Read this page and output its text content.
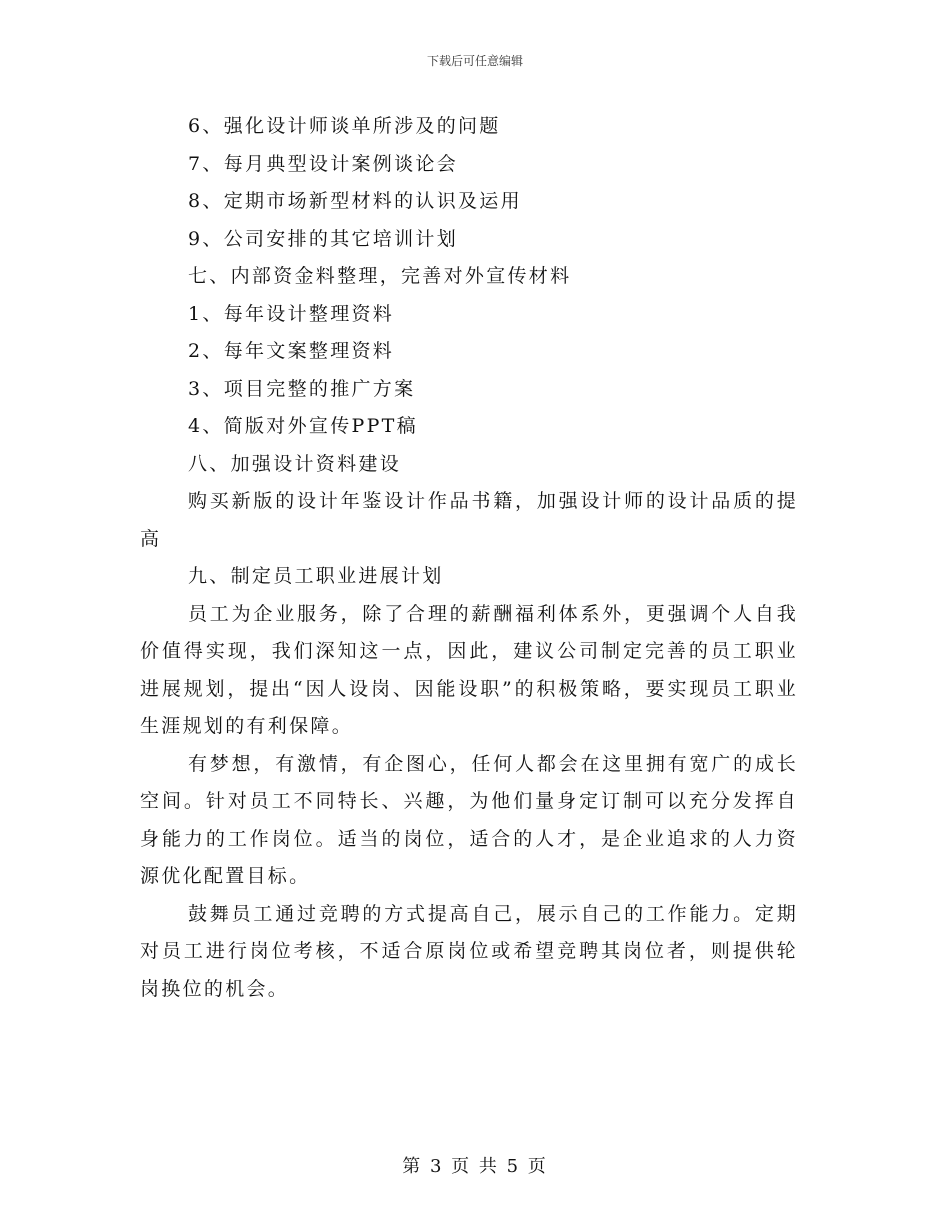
下载后可任意编辑

6、强化设计师谈单所涉及的问题

7、每月典型设计案例谈论会

8、定期市场新型材料的认识及运用

9、公司安排的其它培训计划

七、内部资金料整理，完善对外宣传材料

1、每年设计整理资料

2、每年文案整理资料

3、项目完整的推广方案

4、简版对外宣传PPT稿

八、加强设计资料建设

购买新版的设计年鉴设计作品书籍，加强设计师的设计品质的提高

九、制定员工职业进展计划

员工为企业服务，除了合理的薪酬福利体系外，更强调个人自我价值得实现，我们深知这一点，因此，建议公司制定完善的员工职业进展规划，提出“因人设岗、因能设职”的积极策略，要实现员工职业生涯规划的有利保障。

有梦想，有激情，有企图心，任何人都会在这里拥有宽广的成长空间。针对员工不同特长、兴趣，为他们量身定订制可以充分发挥自身能力的工作岗位。适当的岗位，适合的人才，是企业追求的人力资源优化配置目标。

鼓舞员工通过竞聘的方式提高自己，展示自己的工作能力。定期对员工进行岗位考核，不适合原岗位或希望竞聘其岗位者，则提供轮岗换位的机会。

第 3 页 共 5 页
